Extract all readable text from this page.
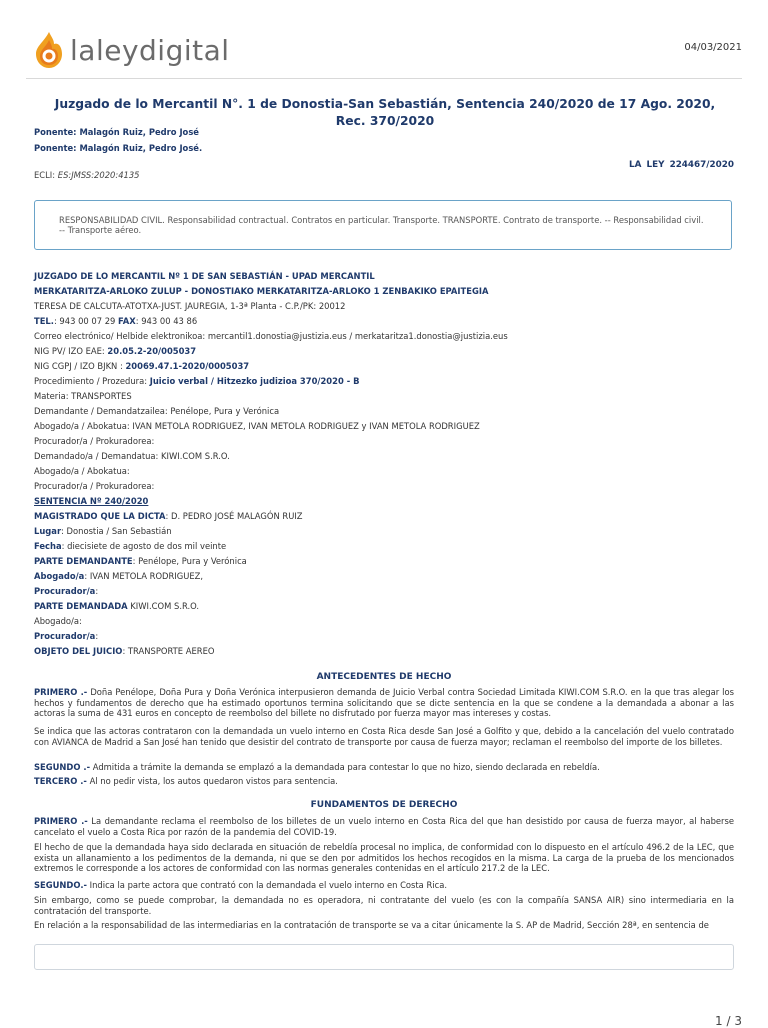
laleydigital	04/03/2021
Juzgado de lo Mercantil N°. 1 de Donostia-San Sebastián, Sentencia 240/2020 de 17 Ago. 2020, Rec. 370/2020
Ponente: Malagón Ruiz, Pedro José
Ponente: Malagón Ruiz, Pedro José.
LA LEY 224467/2020
ECLI: ES:JMSS:2020:4135
RESPONSABILIDAD CIVIL. Responsabilidad contractual. Contratos en particular. Transporte. TRANSPORTE. Contrato de transporte. -- Responsabilidad civil. -- Transporte aéreo.
JUZGADO DE LO MERCANTIL Nº 1 DE SAN SEBASTIÁN - UPAD MERCANTIL
MERKATARITZA-ARLOKO ZULUP - DONOSTIAKO MERKATARITZA-ARLOKO 1 ZENBAKIKO EPAITEGIA
TERESA DE CALCUTA-ATOTXA-JUST. JAUREGIA, 1-3ª Planta - C.P./PK: 20012
TEL.: 943 00 07 29 FAX: 943 00 43 86
Correo electrónico/ Helbide elektronikoa: mercantil1.donostia@justizia.eus / merkataritza1.donostia@justizia.eus
NIG PV/ IZO EAE: 20.05.2-20/005037
NIG CGPJ / IZO BJKN : 20069.47.1-2020/0005037
Procedimiento / Prozedura: Juicio verbal / Hitzezko judizioa 370/2020 - B
Materia: TRANSPORTES
Demandante / Demandatzailea: Penélope, Pura y Verónica
Abogado/a / Abokatua: IVAN METOLA RODRIGUEZ, IVAN METOLA RODRIGUEZ y IVAN METOLA RODRIGUEZ
Procurador/a / Prokuradorea:
Demandado/a / Demandatua: KIWI.COM S.R.O.
Abogado/a / Abokatua:
Procurador/a / Prokuradorea:
SENTENCIA Nº 240/2020
MAGISTRADO QUE LA DICTA: D. PEDRO JOSÉ MALAGÓN RUIZ
Lugar: Donostia / San Sebastián
Fecha: diecisiete de agosto de dos mil veinte
PARTE DEMANDANTE: Penélope, Pura y Verónica
Abogado/a: IVAN METOLA RODRIGUEZ,
Procurador/a:
PARTE DEMANDADA KIWI.COM S.R.O.
Abogado/a:
Procurador/a:
OBJETO DEL JUICIO: TRANSPORTE AEREO
ANTECEDENTES DE HECHO
PRIMERO .- Doña Penélope, Doña Pura y Doña Verónica interpusieron demanda de Juicio Verbal contra Sociedad Limitada KIWI.COM S.R.O. en la que tras alegar los hechos y fundamentos de derecho que ha estimado oportunos termina solicitando que se dicte sentencia en la que se condene a la demandada a abonar a las actoras la suma de 431 euros en concepto de reembolso del billete no disfrutado por fuerza mayor mas intereses y costas.
Se indica que las actoras contrataron con la demandada un vuelo interno en Costa Rica desde San José a Golfito y que, debido a la cancelación del vuelo contratado con AVIANCA de Madrid a San José han tenido que desistir del contrato de transporte por causa de fuerza mayor; reclaman el reembolso del importe de los billetes.
SEGUNDO .- Admitida a trámite la demanda se emplazó a la demandada para contestar lo que no hizo, siendo declarada en rebeldía.
TERCERO .- Al no pedir vista, los autos quedaron vistos para sentencia.
FUNDAMENTOS DE DERECHO
PRIMERO .- La demandante reclama el reembolso de los billetes de un vuelo interno en Costa Rica del que han desistido por causa de fuerza mayor, al haberse cancelato el vuelo a Costa Rica por razón de la pandemia del COVID-19.
El hecho de que la demandada haya sido declarada en situación de rebeldía procesal no implica, de conformidad con lo dispuesto en el artículo 496.2 de la LEC, que exista un allanamiento a los pedimentos de la demanda, ni que se den por admitidos los hechos recogidos en la misma. La carga de la prueba de los mencionados extremos le corresponde a los actores de conformidad con las normas generales contenidas en el artículo 217.2 de la LEC.
SEGUNDO.- Indica la parte actora que contrató con la demandada el vuelo interno en Costa Rica.
Sin embargo, como se puede comprobar, la demandada no es operadora, ni contratante del vuelo (es con la compañía SANSA AIR) sino intermediaria en la contratación del transporte.
En relación a la responsabilidad de las intermediarias en la contratación de transporte se va a citar únicamente la S. AP de Madrid, Sección 28ª, en sentencia de
1 / 3
